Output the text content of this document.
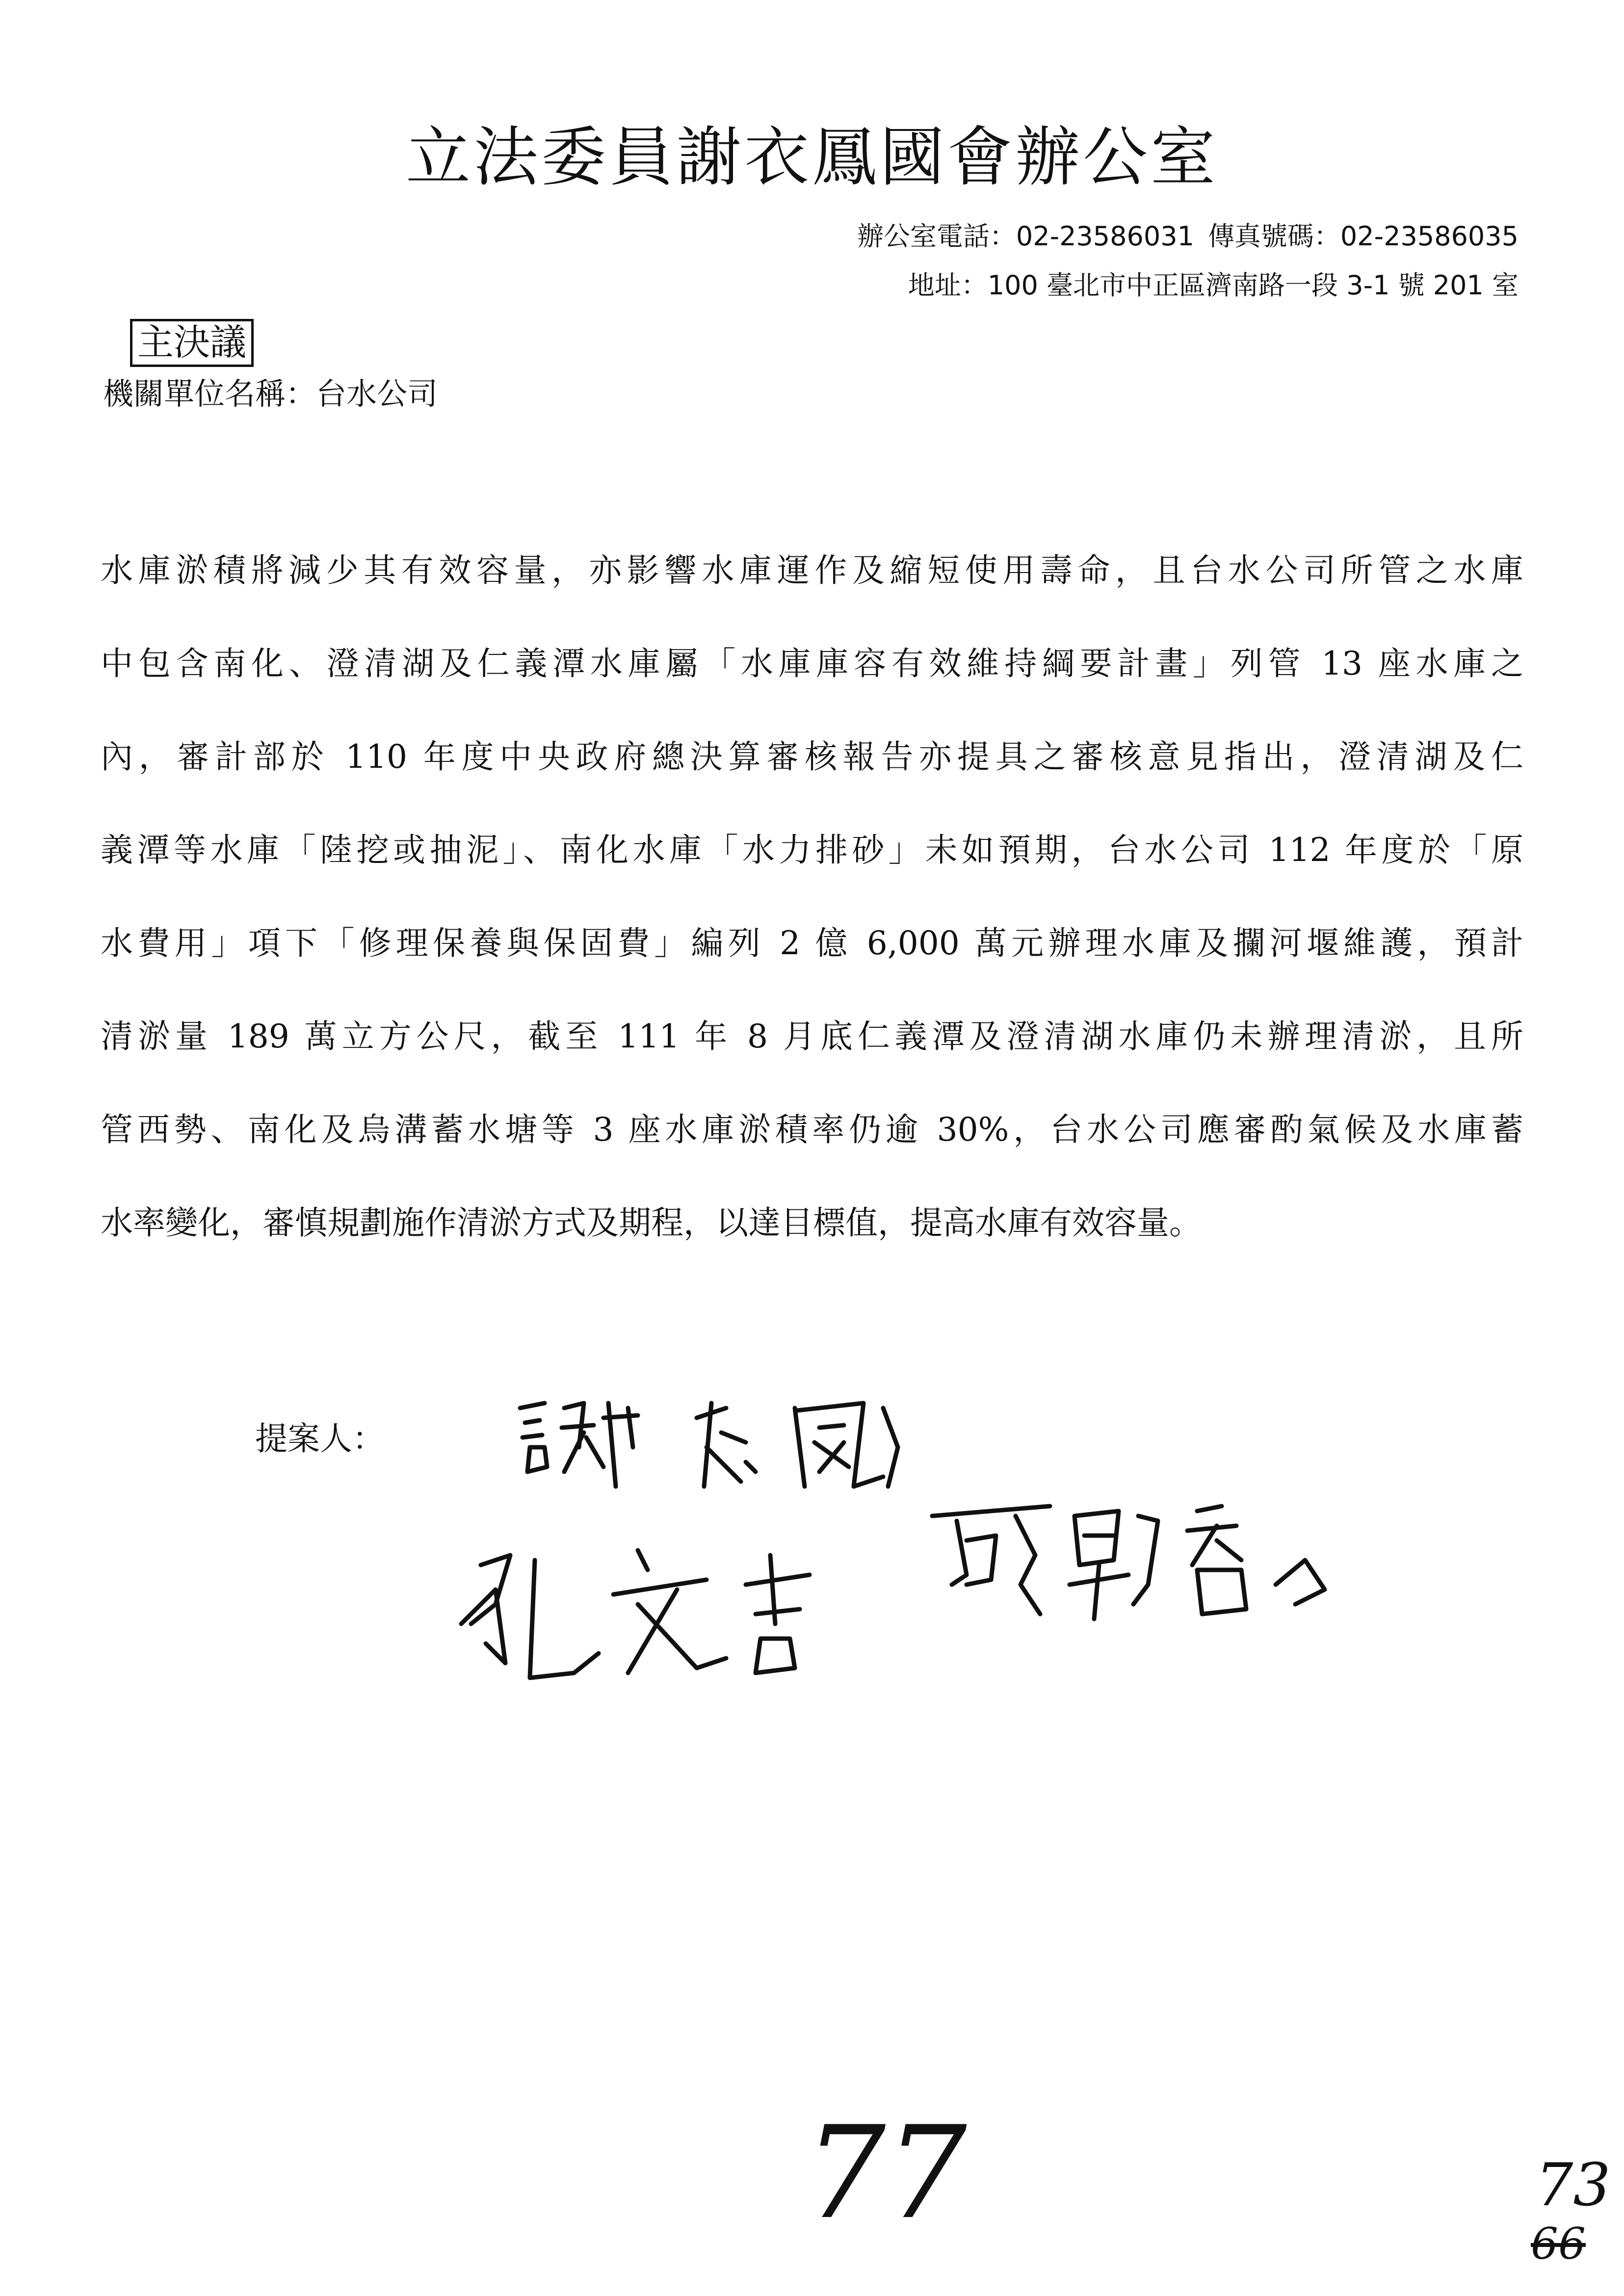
立法委員謝衣鳳國會辦公室
辦公室電話：02-23586031 傳真號碼：02-23586035
地址：100 臺北市中正區濟南路一段 3-1 號 201 室
主決議
機關單位名稱：台水公司
水庫淤積將減少其有效容量，亦影響水庫運作及縮短使用壽命，且台水公司所管之水庫
中包含南化、澄清湖及仁義潭水庫屬「水庫庫容有效維持綱要計畫」列管 13 座水庫之
內，審計部於 110 年度中央政府總決算審核報告亦提具之審核意見指出，澄清湖及仁
義潭等水庫「陸挖或抽泥」、南化水庫「水力排砂」未如預期，台水公司 112 年度於「原
水費用」項下「修理保養與保固費」編列 2 億 6,000 萬元辦理水庫及攔河堰維護，預計
清淤量 189 萬立方公尺，截至 111 年 8 月底仁義潭及澄清湖水庫仍未辦理清淤，且所
管西勢、南化及烏溝蓄水塘等 3 座水庫淤積率仍逾 30%，台水公司應審酌氣候及水庫蓄
水率變化，審慎規劃施作清淤方式及期程，以達目標值，提高水庫有效容量。
提案人：
77	73
66
